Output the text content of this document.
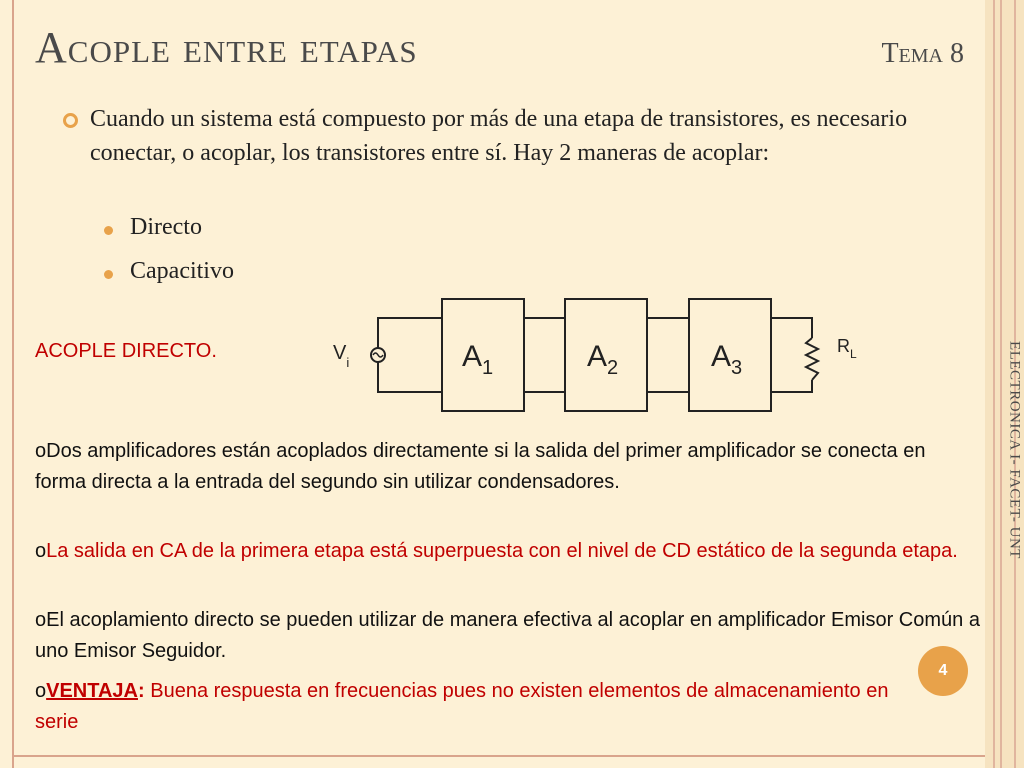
ELECTRONICA I- FACET- UNT
Acople entre etapas	Tema 8
Cuando un sistema está compuesto por más de una etapa de transistores, es necesario conectar, o acoplar, los transistores entre sí. Hay 2 maneras de acoplar:
Directo
Capacitivo
ACOPLE DIRECTO.	$V_i$	$A_1$	$A_2$	$A_3$
$R_L$
oDos amplificadores están acoplados directamente si la salida del primer amplificador se conecta en forma directa a la entrada del segundo sin utilizar condensadores.
oLa salida en CA de la primera etapa está superpuesta con el nivel de CD estático de la segunda etapa.
oEl acoplamiento directo se pueden utilizar de manera efectiva al acoplar en amplificador Emisor Común a uno Emisor Seguidor.
oVENTAJA: Buena respuesta en frecuencias pues no existen elementos de almacenamiento en serie
4
